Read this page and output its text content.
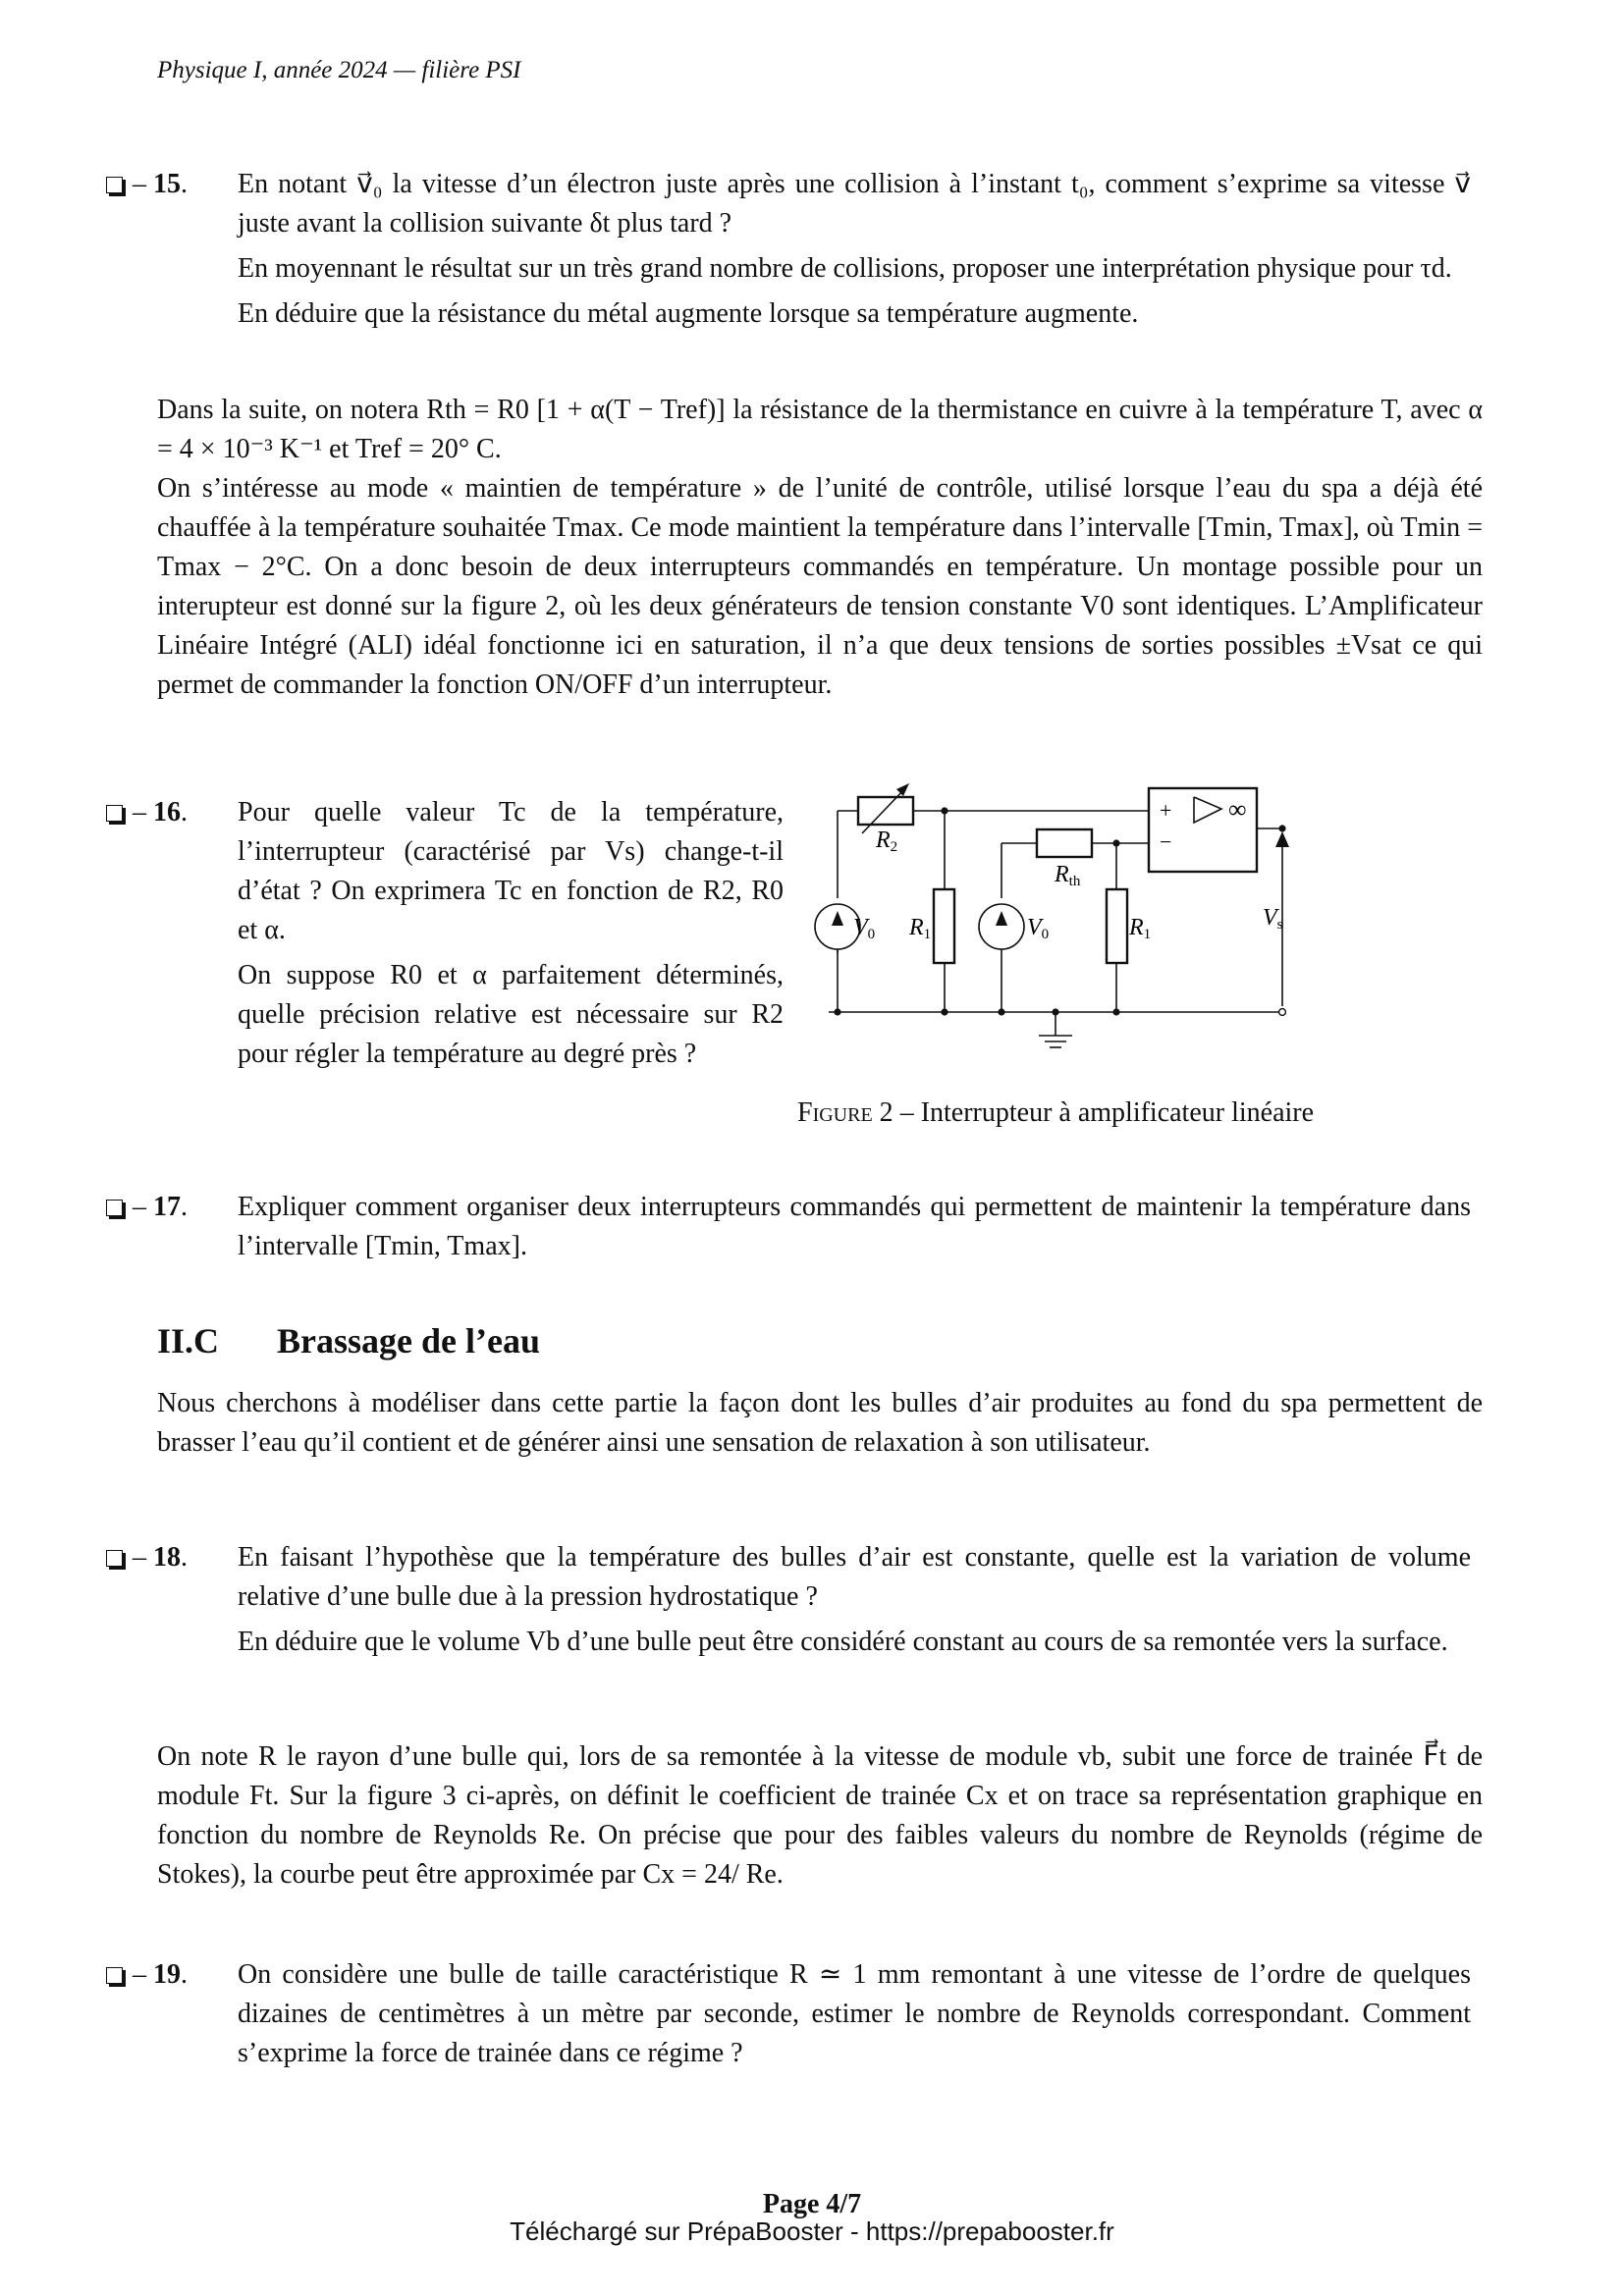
Physique I, année 2024 — filière PSI
– 15. En notant v⃗₀ la vitesse d’un électron juste après une collision à l’instant t₀, comment s’exprime sa vitesse v⃗ juste avant la collision suivante δt plus tard ?

En moyennant le résultat sur un très grand nombre de collisions, proposer une interprétation physique pour τd.

En déduire que la résistance du métal augmente lorsque sa température augmente.

Dans la suite, on notera Rth = R0 [1 + α(T − Tref)] la résistance de la thermistance en cuivre à la température T, avec α = 4 × 10⁻³ K⁻¹ et Tref = 20° C.

On s’intéresse au mode « maintien de température » de l’unité de contrôle, utilisé lorsque l’eau du spa a déjà été chauffée à la température souhaitée Tmax. Ce mode maintient la température dans l’intervalle [Tmin, Tmax], où Tmin = Tmax − 2°C. On a donc besoin de deux interrupteurs commandés en température. Un montage possible pour un interupteur est donné sur la figure 2, où les deux générateurs de tension constante V0 sont identiques. L’Amplificateur Linéaire Intégré (ALI) idéal fonctionne ici en saturation, il n’a que deux tensions de sorties possibles ±Vsat ce qui permet de commander la fonction ON/OFF d’un interrupteur.

– 16. Pour quelle valeur Tc de la température, l’interrupteur (caractérisé par Vs) change-t-il d’état ? On exprimera Tc en fonction de R2, R0 et α.

On suppose R0 et α parfaitement déterminés, quelle précision relative est nécessaire sur R2 pour régler la température au degré près ?

R2
Rth
R1	R1
V0	V0
Vs
+
−
∞
Figure 2 – Interrupteur à amplificateur linéaire
– 17. Expliquer comment organiser deux interrupteurs commandés qui permettent de maintenir la température dans l’intervalle [Tmin, Tmax].

II.C Brassage de l’eau
Nous cherchons à modéliser dans cette partie la façon dont les bulles d’air produites au fond du spa permettent de brasser l’eau qu’il contient et de générer ainsi une sensation de relaxation à son utilisateur.
– 18. En faisant l’hypothèse que la température des bulles d’air est constante, quelle est la variation de volume relative d’une bulle due à la pression hydrostatique ?

En déduire que le volume Vb d’une bulle peut être considéré constant au cours de sa remontée vers la surface.

On note R le rayon d’une bulle qui, lors de sa remontée à la vitesse de module vb, subit une force de trainée F⃗t de module Ft. Sur la figure 3 ci-après, on définit le coefficient de trainée Cx et on trace sa représentation graphique en fonction du nombre de Reynolds Re. On précise que pour des faibles valeurs du nombre de Reynolds (régime de Stokes), la courbe peut être approximée par Cx = 24/ Re.
– 19. On considère une bulle de taille caractéristique R ≃ 1 mm remontant à une vitesse de l’ordre de quelques dizaines de centimètres à un mètre par seconde, estimer le nombre de Reynolds correspondant. Comment s’exprime la force de trainée dans ce régime ?

Page 4/7
Téléchargé sur PrépaBooster - https://prepabooster.fr
